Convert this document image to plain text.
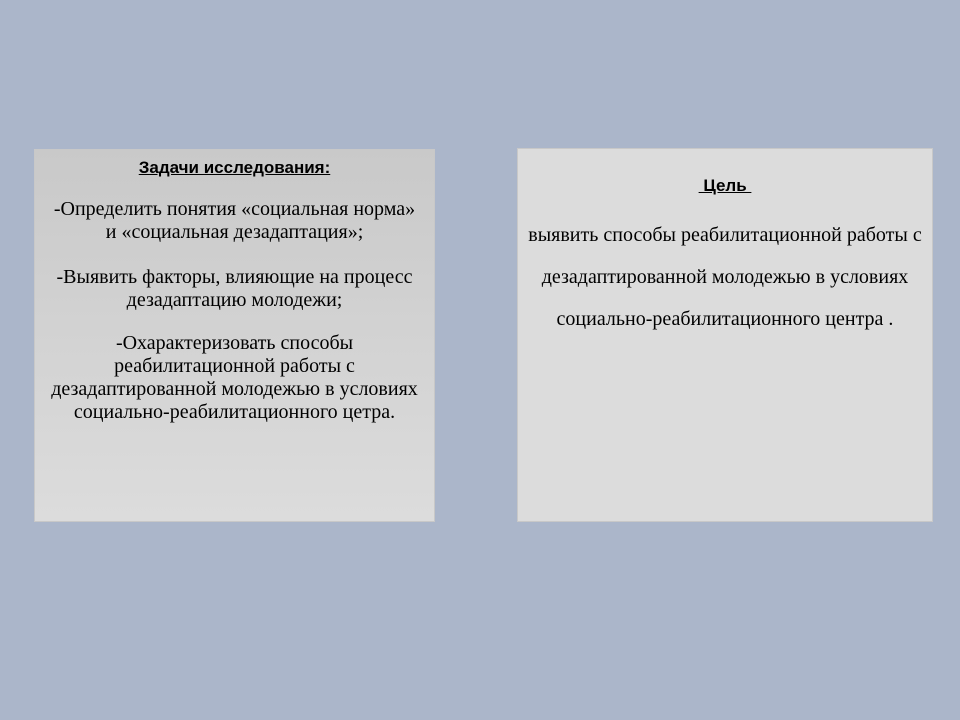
Задачи исследования:

-Определить понятия «социальная норма» и «социальная дезадаптация»;

-Выявить факторы, влияющие на процесс дезадаптацию молодежи;

-Охарактеризовать способы реабилитационной работы с дезадаптированной молодежью в условиях социально-реабилитационного цетра.

Цель

выявить способы реабилитационной работы с дезадаптированной молодежью в условиях социально-реабилитационного центра .
